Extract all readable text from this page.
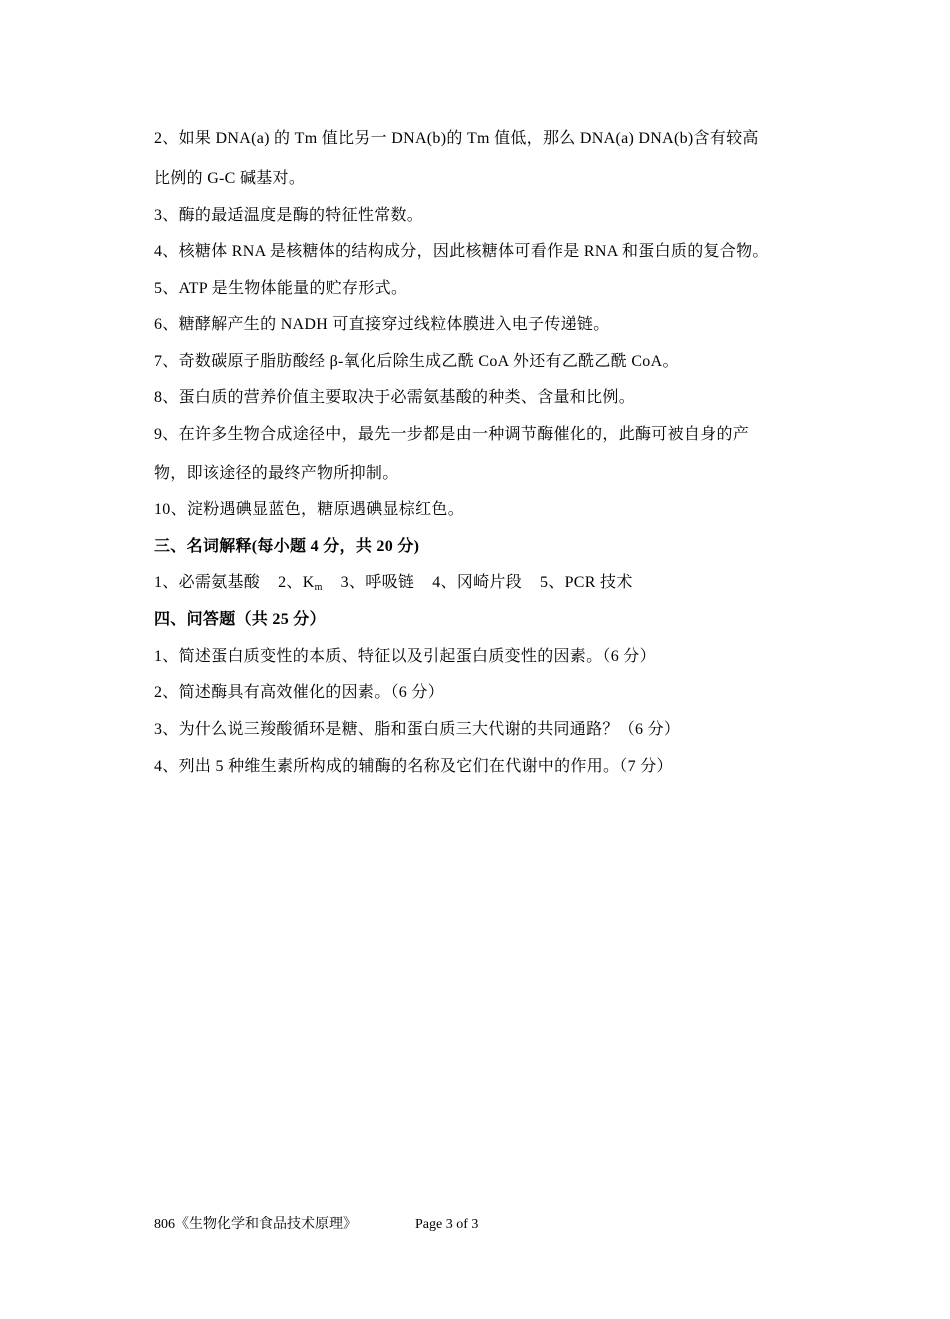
2、如果 DNA(a) 的 Tm 值比另一 DNA(b)的 Tm 值低，那么 DNA(a) DNA(b)含有较高
比例的 G-C 碱基对。
3、酶的最适温度是酶的特征性常数。
4、核糖体 RNA 是核糖体的结构成分，因此核糖体可看作是 RNA 和蛋白质的复合物。
5、ATP 是生物体能量的贮存形式。
6、糖酵解产生的 NADH 可直接穿过线粒体膜进入电子传递链。
7、奇数碳原子脂肪酸经 β-氧化后除生成乙酰 CoA 外还有乙酰乙酰 CoA。
8、蛋白质的营养价值主要取决于必需氨基酸的种类、含量和比例。
9、在许多生物合成途径中，最先一步都是由一种调节酶催化的，此酶可被自身的产
物，即该途径的最终产物所抑制。
10、淀粉遇碘显蓝色，糖原遇碘显棕红色。
三、名词解释(每小题 4 分，共 20 分)
1、必需氨基酸 2、$K_m$ 3、呼吸链 4、冈崎片段 5、PCR 技术
四、问答题（共 25 分）
1、简述蛋白质变性的本质、特征以及引起蛋白质变性的因素。（6 分）
2、简述酶具有高效催化的因素。（6 分）
3、为什么说三羧酸循环是糖、脂和蛋白质三大代谢的共同通路？（6 分）
4、列出 5 种维生素所构成的辅酶的名称及它们在代谢中的作用。（7 分）
806《生物化学和食品技术原理》	Page 3 of 3
